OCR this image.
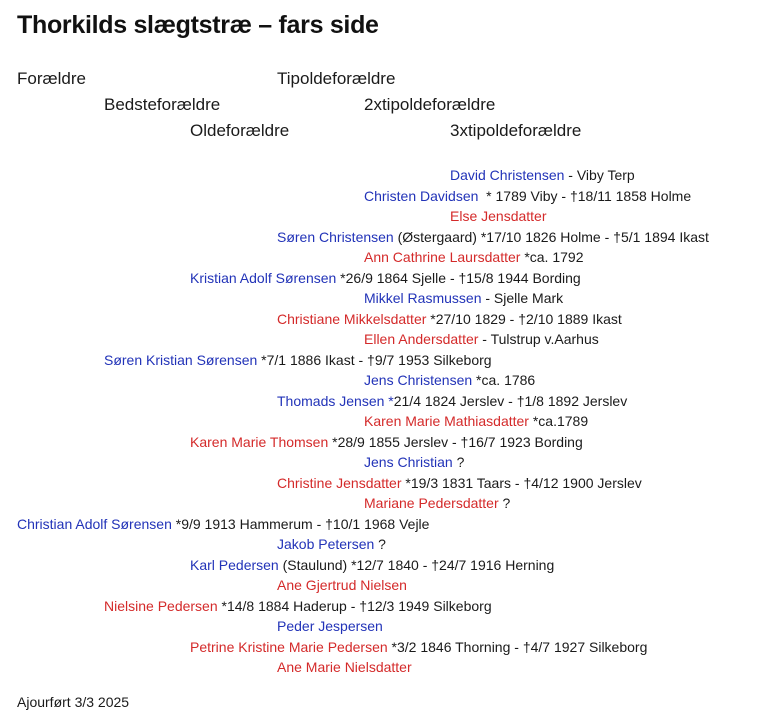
Thorkilds slægtstræ – fars side
Forældre
Bedsteforældre
Oldeforældre
Tipoldeforældre
2xtipoldeforældre
3xtipoldeforældre
David Christensen - Viby Terp
Christen Davidsen  * 1789 Viby - †18/11 1858 Holme
Else Jensdatter
Søren Christensen (Østergaard) *17/10 1826 Holme - †5/1 1894 Ikast
Ann Cathrine Laursdatter *ca. 1792
Kristian Adolf Sørensen *26/9 1864 Sjelle - †15/8 1944 Bording
Mikkel Rasmussen - Sjelle Mark
Christiane Mikkelsdatter *27/10 1829 - †2/10 1889 Ikast
Ellen Andersdatter - Tulstrup v.Aarhus
Søren Kristian Sørensen *7/1 1886 Ikast - †9/7 1953 Silkeborg
Jens Christensen *ca. 1786
Thomads Jensen *21/4 1824 Jerslev - †1/8 1892 Jerslev
Karen Marie Mathiasdatter *ca.1789
Karen Marie Thomsen *28/9 1855 Jerslev - †16/7 1923 Bording
Jens Christian ?
Christine Jensdatter *19/3 1831 Taars - †4/12 1900 Jerslev
Mariane Pedersdatter ?
Christian Adolf Sørensen *9/9 1913 Hammerum - †10/1 1968 Vejle
Jakob Petersen ?
Karl Pedersen (Staulund) *12/7 1840 - †24/7 1916 Herning
Ane Gjertrud Nielsen
Nielsine Pedersen *14/8 1884 Haderup - †12/3 1949 Silkeborg
Peder Jespersen
Petrine Kristine Marie Pedersen *3/2 1846 Thorning - †4/7 1927 Silkeborg
Ane Marie Nielsdatter
Ajourført 3/3 2025
